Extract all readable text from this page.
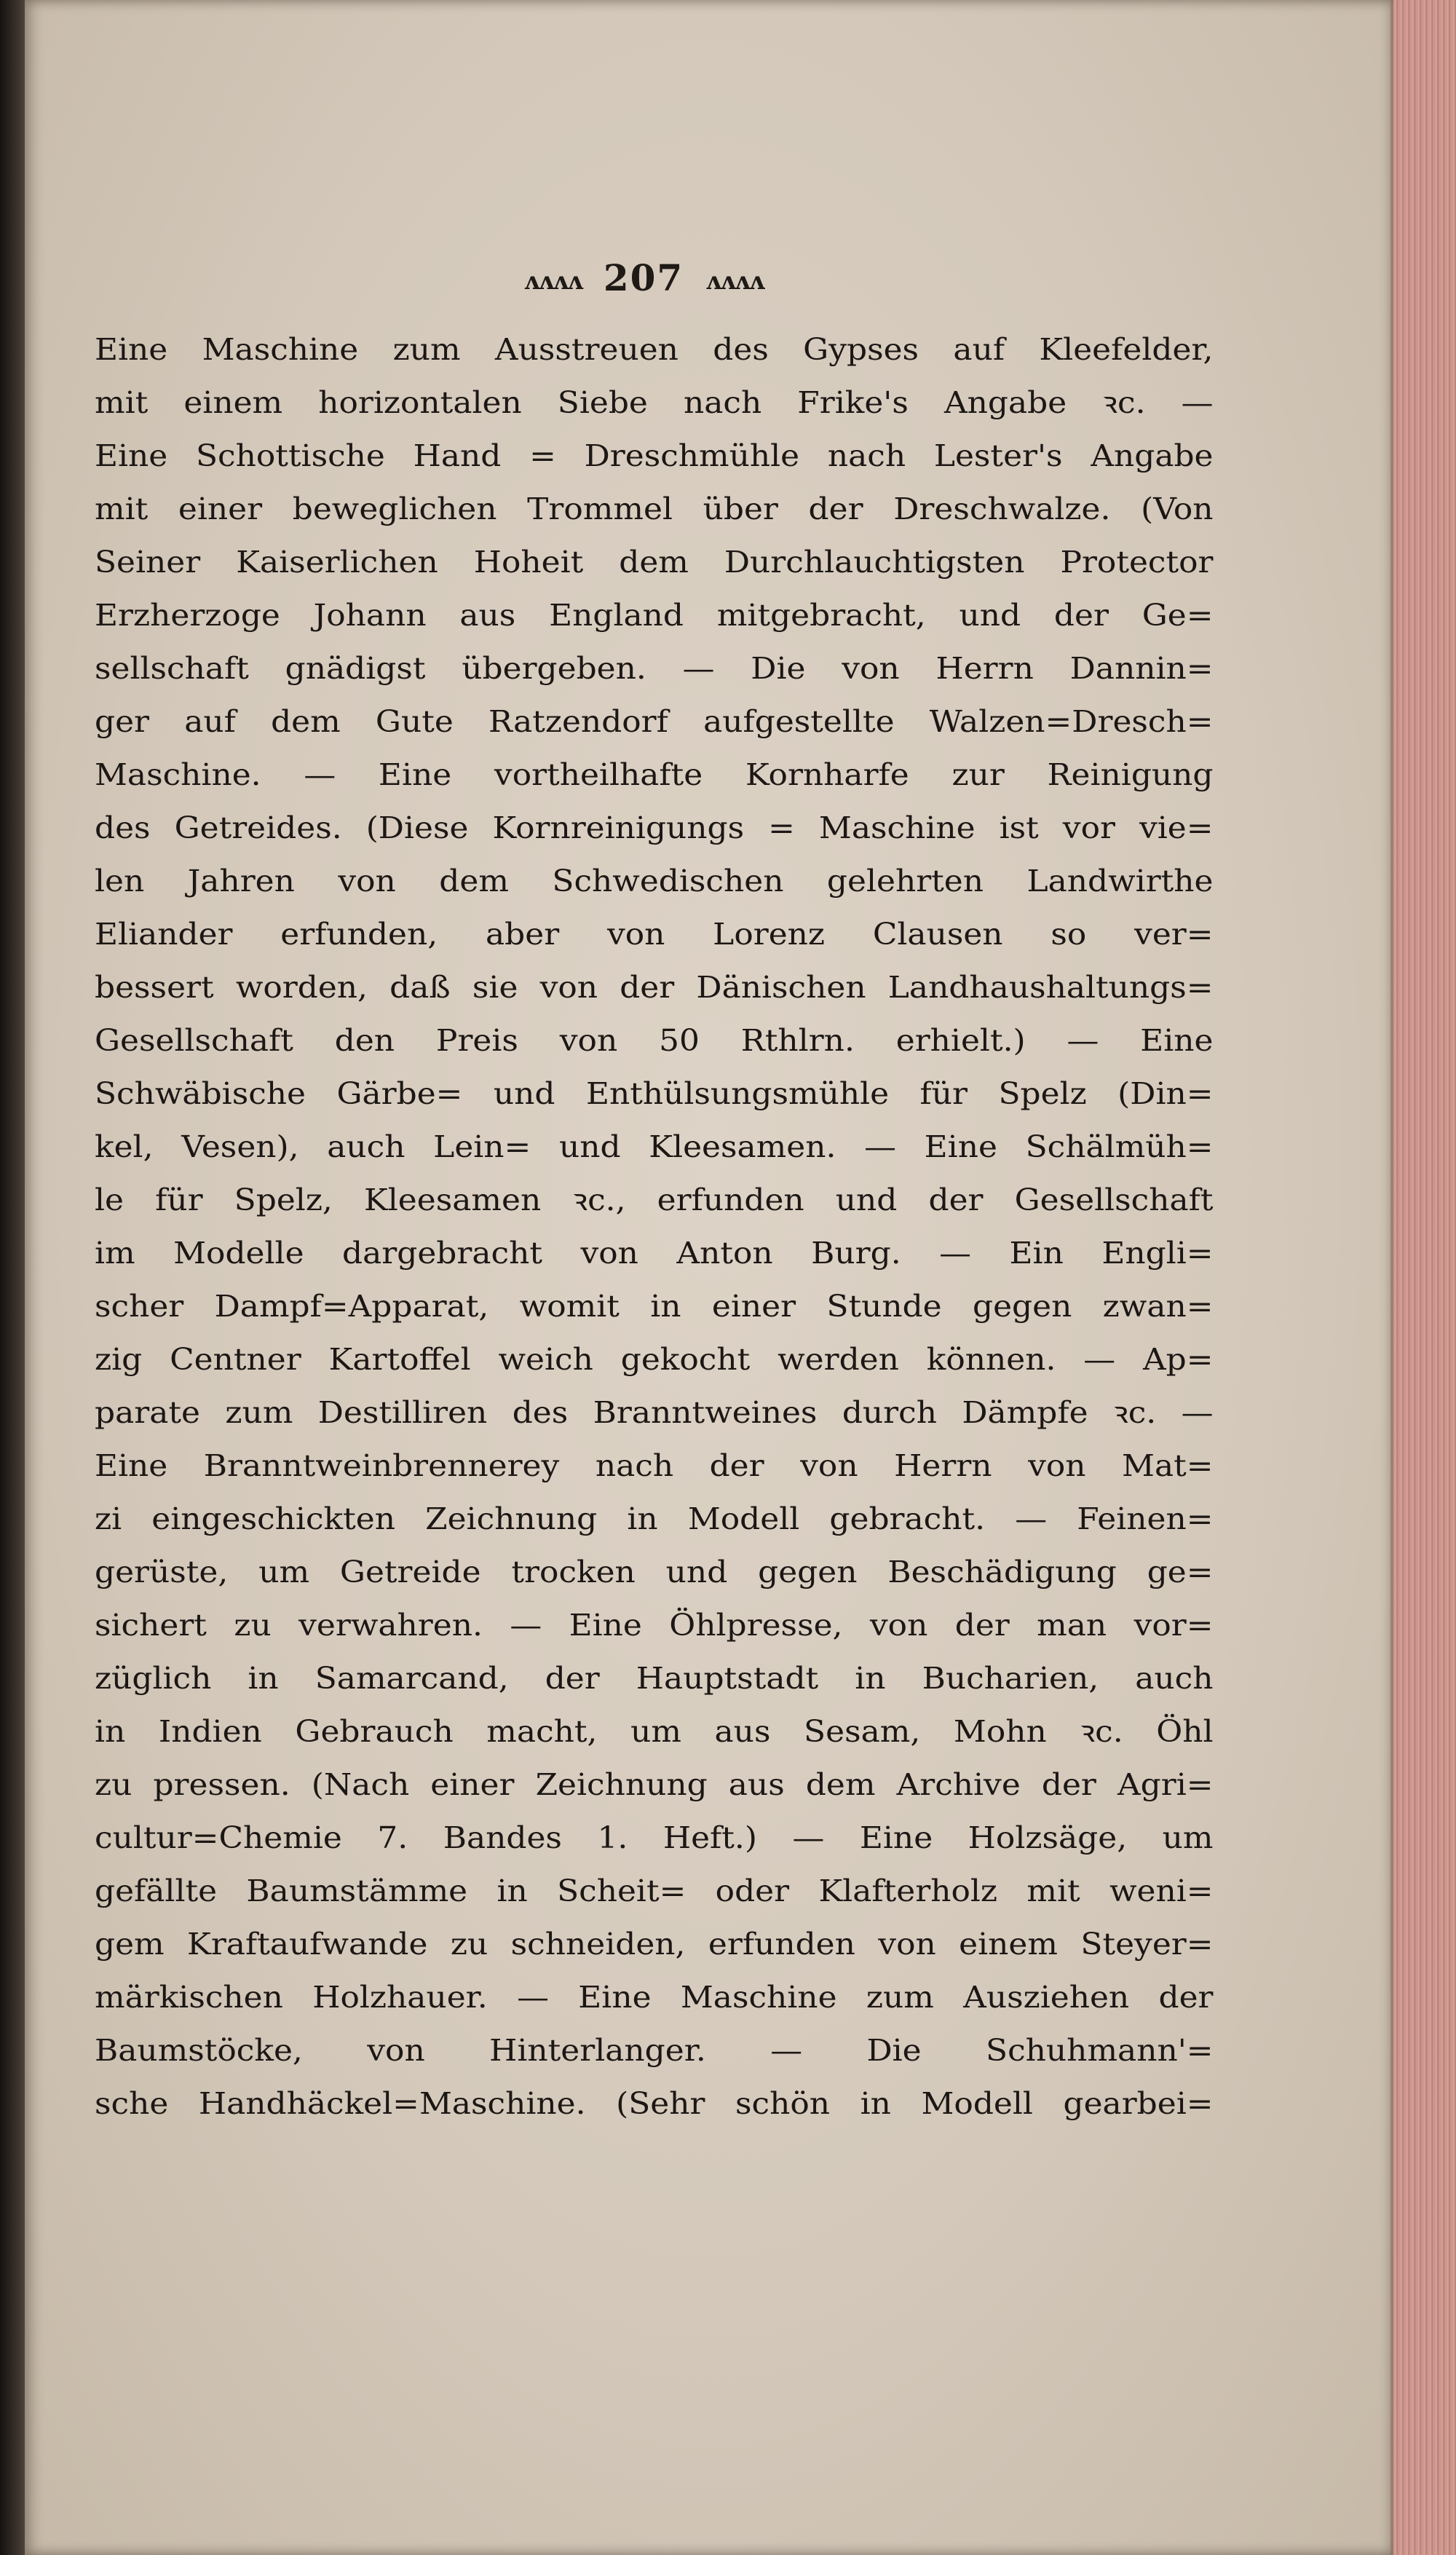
ʌʌʌʌ 207 ʌʌʌʌ
Eine Maschine zum Ausstreuen des Gypses auf Kleefelder,
mit einem horizontalen Siebe nach Frike's Angabe ꝛc. —
Eine Schottische Hand = Dreschmühle nach Lester's Angabe
mit einer beweglichen Trommel über der Dreschwalze. (Von
Seiner Kaiserlichen Hoheit dem Durchlauchtigsten Protector
Erzherzoge Johann aus England mitgebracht, und der Ge=
sellschaft gnädigst übergeben. — Die von Herrn Dannin=
ger auf dem Gute Ratzendorf aufgestellte Walzen=Dresch=
Maschine. — Eine vortheilhafte Kornharfe zur Reinigung
des Getreides. (Diese Kornreinigungs = Maschine ist vor vie=
len Jahren von dem Schwedischen gelehrten Landwirthe
Eliander erfunden, aber von Lorenz Clausen so ver=
bessert worden, daß sie von der Dänischen Landhaushaltungs=
Gesellschaft den Preis von 50 Rthlrn. erhielt.) — Eine
Schwäbische Gärbe= und Enthülsungsmühle für Spelz (Din=
kel, Vesen), auch Lein= und Kleesamen. — Eine Schälmüh=
le für Spelz, Kleesamen ꝛc., erfunden und der Gesellschaft
im Modelle dargebracht von Anton Burg. — Ein Engli=
scher Dampf=Apparat, womit in einer Stunde gegen zwan=
zig Centner Kartoffel weich gekocht werden können. — Ap=
parate zum Destilliren des Branntweines durch Dämpfe ꝛc. —
Eine Branntweinbrennerey nach der von Herrn von Mat=
zi eingeschickten Zeichnung in Modell gebracht. — Feinen=
gerüste, um Getreide trocken und gegen Beschädigung ge=
sichert zu verwahren. — Eine Öhlpresse, von der man vor=
züglich in Samarcand, der Hauptstadt in Bucharien, auch
in Indien Gebrauch macht, um aus Sesam, Mohn ꝛc. Öhl
zu pressen. (Nach einer Zeichnung aus dem Archive der Agri=
cultur=Chemie 7. Bandes 1. Heft.) — Eine Holzsäge, um
gefällte Baumstämme in Scheit= oder Klafterholz mit weni=
gem Kraftaufwande zu schneiden, erfunden von einem Steyer=
märkischen Holzhauer. — Eine Maschine zum Ausziehen der
Baumstöcke, von Hinterlanger. — Die Schuhmann'=
sche Handhäckel=Maschine. (Sehr schön in Modell gearbei=
